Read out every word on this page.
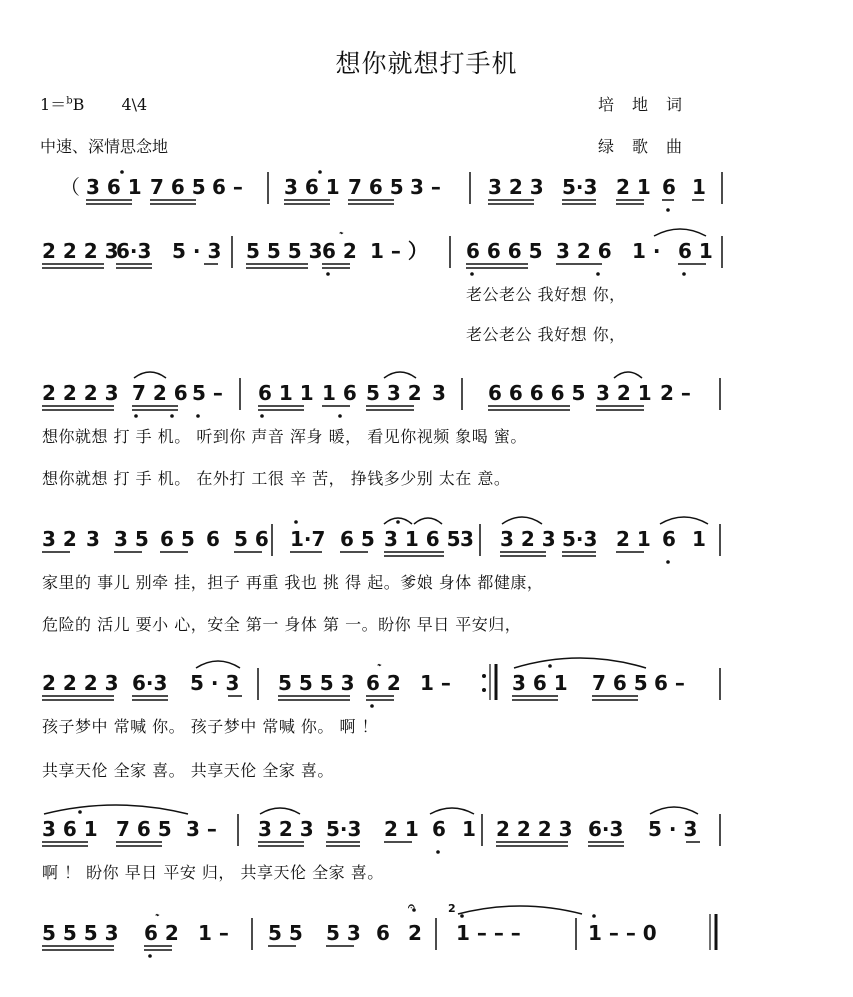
想你就想打手机
1＝$^b$B 4\4
中速、深情思念地
培地词
绿歌曲
（ 3 6 1 7 6 5 6 – 3 6 1 7 6 5 3 – 3 2 3 5·3 2 1 6 1
2 2 2 3
6·3 5 · 3 5 5 5 3 6 2 1 – ） 6 6 6 5 3 2 6 1 · 6 1
𝆝
2 2 2 3 7 2 6 5 – 6 1 1 1 6 5 3 2 3 6 6 6 6 5 3 2 1 2 –
3 2 3 3 5 6 5 6 5 6 1·7 6 5 3 1 6 5 3 3 2 3 5·3 2 1 6 1
2 2 2 3 6·3 5 · 3 5 5 5 3 6 2 1 –	3 6 1 7 6 5 6 –
𝆝
3 6 1 7 6 5 3 – 3 2 3 5·3 2 1 6 1 2 2 2 3 6·3 5 · 3
5 5 5 3 6 2 1 – 5 5 5 3 6 2 1 – – –	1 – – 0
2
𝆝
𝄐
老公老公 我好想 你，
老公老公 我好想 你，
想你就想 打 手 机。 听到你 声音 浑身 暖， 看见你视频 象喝 蜜。
想你就想 打 手 机。 在外打 工很 辛 苦， 挣钱多少别 太在 意。
家里的 事儿 别牵 挂，担子 再重 我也 挑 得 起。爹娘 身体 都健康，
危险的 活儿 要小 心，安全 第一 身体 第 一。盼你 早日 平安归，
孩子梦中 常喊 你。 孩子梦中 常喊 你。 啊 ！
共享天伦 全家 喜。 共享天伦 全家 喜。
啊 ！ 盼你 早日 平安 归， 共享天伦 全家 喜。
